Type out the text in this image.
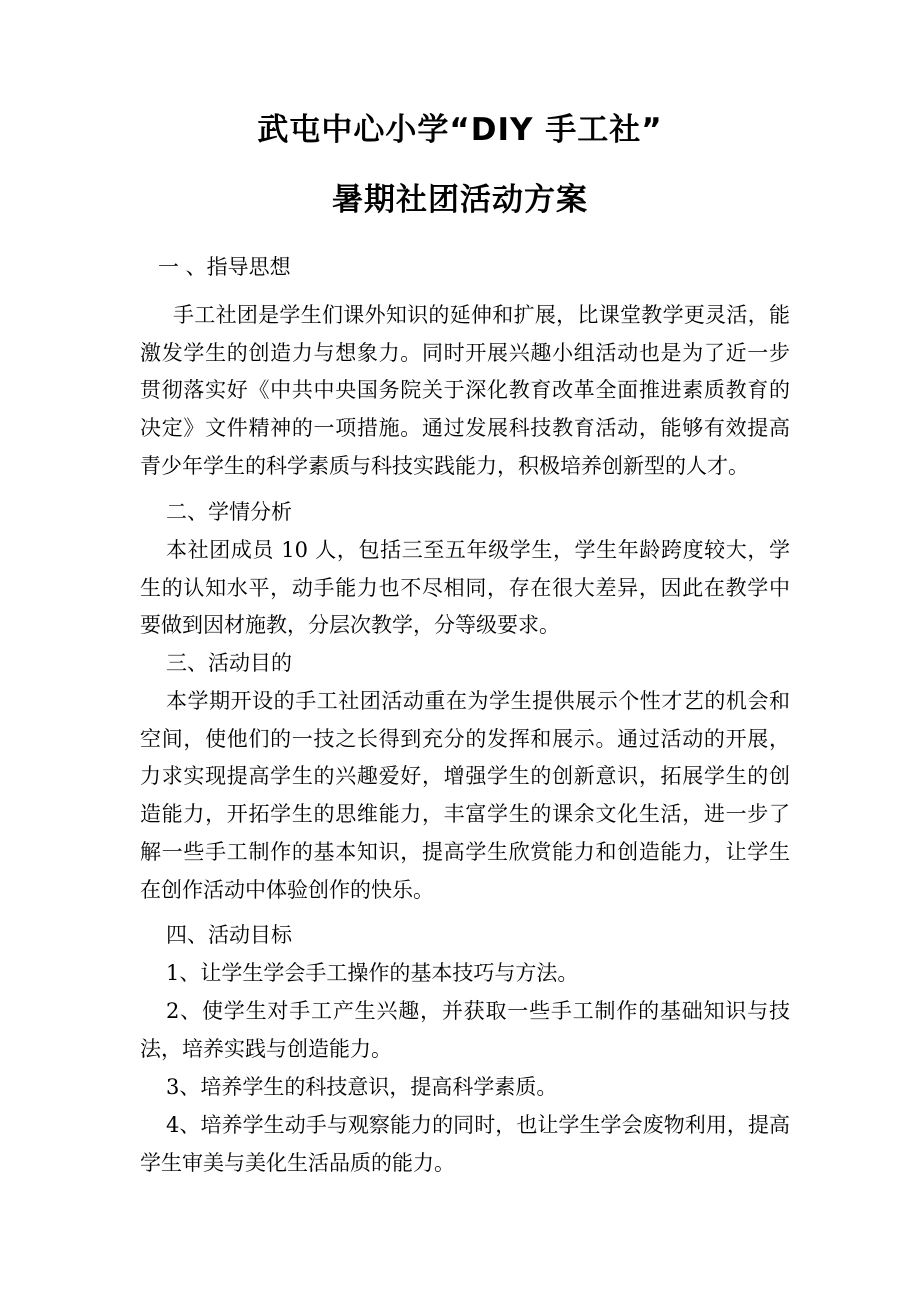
武屯中心小学“DIY 手工社”
暑期社团活动方案
一 、指导思想
手工社团是学生们课外知识的延伸和扩展，比课堂教学更灵活，能激发学生的创造力与想象力。同时开展兴趣小组活动也是为了近一步贯彻落实好《中共中央国务院关于深化教育改革全面推进素质教育的决定》文件精神的一项措施。通过发展科技教育活动，能够有效提高青少年学生的科学素质与科技实践能力，积极培养创新型的人才。
二、学情分析
本社团成员 10 人，包括三至五年级学生，学生年龄跨度较大，学生的认知水平，动手能力也不尽相同，存在很大差异，因此在教学中要做到因材施教，分层次教学，分等级要求。
三、活动目的
本学期开设的手工社团活动重在为学生提供展示个性才艺的机会和空间，使他们的一技之长得到充分的发挥和展示。通过活动的开展，力求实现提高学生的兴趣爱好，增强学生的创新意识，拓展学生的创造能力，开拓学生的思维能力，丰富学生的课余文化生活，进一步了解一些手工制作的基本知识，提高学生欣赏能力和创造能力，让学生在创作活动中体验创作的快乐。
四、活动目标
1、让学生学会手工操作的基本技巧与方法。
2、使学生对手工产生兴趣，并获取一些手工制作的基础知识与技法，培养实践与创造能力。
3、培养学生的科技意识，提高科学素质。
4、培养学生动手与观察能力的同时，也让学生学会废物利用，提高学生审美与美化生活品质的能力。
